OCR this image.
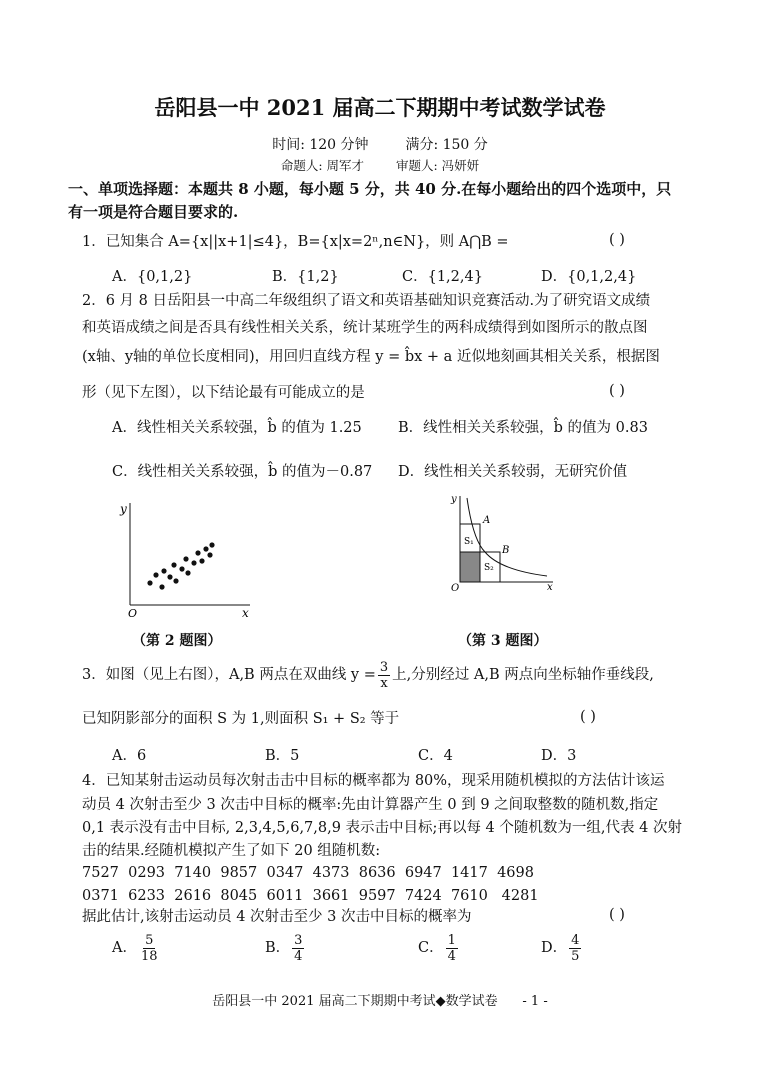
岳阳县一中 2021 届高二下期期中考试数学试卷
时间: 120 分钟	满分: 150 分
命题人: 周军才	审题人: 冯妍妍
一、单项选择题：本题共 8 小题，每小题 5 分，共 40 分.在每小题给出的四个选项中，只
有一项是符合题目要求的.
1．已知集合 A={x||x+1|≤4}，B={x|x=2ⁿ,n∈N}，则 A⋂B =	( )
A．{0,1,2}	B．{1,2}	C．{1,2,4}	D．{0,1,2,4}
2．6 月 8 日岳阳县一中高二年级组织了语文和英语基础知识竞赛活动.为了研究语文成绩
和英语成绩之间是否具有线性相关关系，统计某班学生的两科成绩得到如图所示的散点图
(x轴、y轴的单位长度相同)，用回归直线方程 y = b̂x + a 近似地刻画其相关关系，根据图
形（见下左图），以下结论最有可能成立的是	( )
A．线性相关关系较强，b̂ 的值为 1.25 B．线性相关关系较强，b̂ 的值为 0.83
C．线性相关关系较强，b̂ 的值为－0.87 D．线性相关关系较弱，无研究价值
y
x
O
（第 2 题图）
y
x
O
A
B
S₁
S₂
（第 3 题图）
3．如图（见上右图），A,B 两点在双曲线 $y = \frac{3}{x}$ 上,分别经过 A,B 两点向坐标轴作垂线段,
已知阴影部分的面积 S 为 1,则面积 S₁ + S₂ 等于	( )
A．6	B．5	C．4	D．3
4．已知某射击运动员每次射击击中目标的概率都为 80%，现采用随机模拟的方法估计该运
动员 4 次射击至少 3 次击中目标的概率:先由计算器产生 0 到 9 之间取整数的随机数,指定
0,1 表示没有击中目标, 2,3,4,5,6,7,8,9 表示击中目标;再以每 4 个随机数为一组,代表 4 次射
击的结果.经随机模拟产生了如下 20 组随机数:
7527  0293  7140  9857  0347  4373  8636  6947  1417  4698
0371  6233  2616  8045  6011  3661  9597  7424  7610   4281
据此估计,该射击运动员 4 次射击至少 3 次击中目标的概率为	( )
A． $\frac{5}{18}$	B． $\frac{3}{4}$	C． $\frac{1}{4}$	D． $\frac{4}{5}$
岳阳县一中 2021 届高二下期期中考试◆数学试卷      - 1 -
